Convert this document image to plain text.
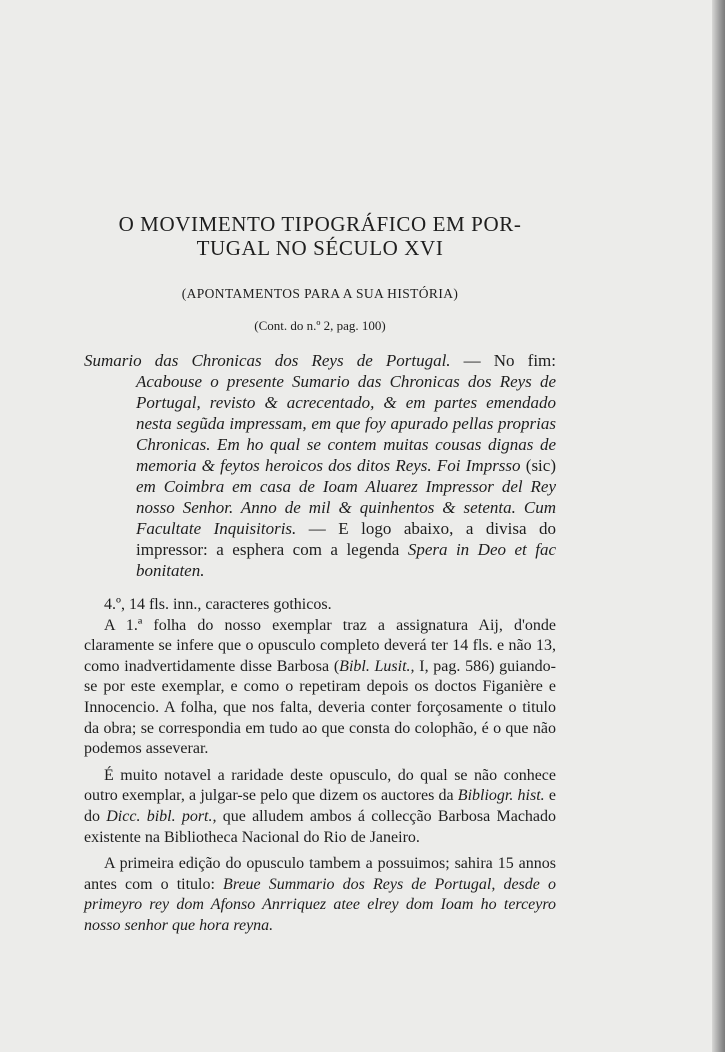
O MOVIMENTO TIPOGRÁFICO EM POR-
TUGAL NO SÉCULO XVI

(APONTAMENTOS PARA A SUA HISTÓRIA)

(Cont. do n.º 2, pag. 100)

Sumario das Chronicas dos Reys de Portugal. — No fim:

Acabouse o presente Sumario das Chronicas dos Reys de Portugal, revisto & acrecentado, & em partes emendado nesta segũda impressam, em que foy apurado pellas proprias Chronicas. Em ho qual se contem muitas cousas dignas de memoria & feytos heroicos dos ditos Reys. Foi Imprsso (sic) em Coimbra em casa de Ioam Aluarez Impressor del Rey nosso Senhor. Anno de mil & quinhentos & setenta. Cum Facultate Inquisitoris. — E logo abaixo, a divisa do impressor: a esphera com a legenda Spera in Deo et fac bonitaten.

4.º, 14 fls. inn., caracteres gothicos.

A 1.ª folha do nosso exemplar traz a assignatura Aij, d'onde claramente se infere que o opusculo completo deverá ter 14 fls. e não 13, como inadvertidamente disse Barbosa (Bibl. Lusit., I, pag. 586) guiando-se por este exemplar, e como o repetiram depois os doctos Figanière e Innocencio. A folha, que nos falta, deveria conter forçosamente o titulo da obra; se correspondia em tudo ao que consta do colophão, é o que não podemos asseverar.

É muito notavel a raridade deste opusculo, do qual se não conhece outro exemplar, a julgar-se pelo que dizem os auctores da Bibliogr. hist. e do Dicc. bibl. port., que alludem ambos á collecção Barbosa Machado existente na Bibliotheca Nacional do Rio de Janeiro.

A primeira edição do opusculo tambem a possuimos; sahira 15 annos antes com o titulo: Breue Summario dos Reys de Portugal, desde o primeyro rey dom Afonso Anrriquez atee elrey dom Ioam ho terceyro nosso senhor que hora reyna.
